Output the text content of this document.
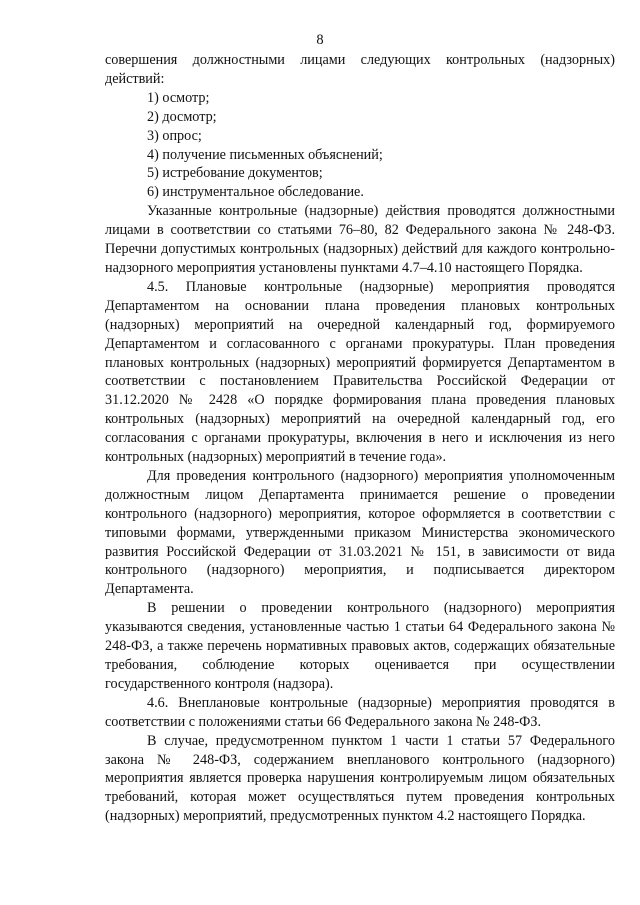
8

совершения должностными лицами следующих контрольных (надзорных) действий:

1) осмотр;

2) досмотр;

3) опрос;

4) получение письменных объяснений;

5) истребование документов;

6) инструментальное обследование.

Указанные контрольные (надзорные) действия проводятся должностными лицами в соответствии со статьями 76–80, 82 Федерального закона № 248-ФЗ. Перечни допустимых контрольных (надзорных) действий для каждого контрольно-надзорного мероприятия установлены пунктами 4.7–4.10 настоящего Порядка.

4.5. Плановые контрольные (надзорные) мероприятия проводятся Департаментом на основании плана проведения плановых контрольных (надзорных) мероприятий на очередной календарный год, формируемого Департаментом и согласованного с органами прокуратуры. План проведения плановых контрольных (надзорных) мероприятий формируется Департаментом в соответствии с постановлением Правительства Российской Федерации от 31.12.2020 № 2428 «О порядке формирования плана проведения плановых контрольных (надзорных) мероприятий на очередной календарный год, его согласования с органами прокуратуры, включения в него и исключения из него контрольных (надзорных) мероприятий в течение года».

Для проведения контрольного (надзорного) мероприятия уполномоченным должностным лицом Департамента принимается решение о проведении контрольного (надзорного) мероприятия, которое оформляется в соответствии с типовыми формами, утвержденными приказом Министерства экономического развития Российской Федерации от 31.03.2021 № 151, в зависимости от вида контрольного (надзорного) мероприятия, и подписывается директором Департамента.

В решении о проведении контрольного (надзорного) мероприятия указываются сведения, установленные частью 1 статьи 64 Федерального закона № 248-ФЗ, а также перечень нормативных правовых актов, содержащих обязательные требования, соблюдение которых оценивается при осуществлении государственного контроля (надзора).

4.6. Внеплановые контрольные (надзорные) мероприятия проводятся в соответствии с положениями статьи 66 Федерального закона № 248-ФЗ.

В случае, предусмотренном пунктом 1 части 1 статьи 57 Федерального закона № 248-ФЗ, содержанием внепланового контрольного (надзорного) мероприятия является проверка нарушения контролируемым лицом обязательных требований, которая может осуществляться путем проведения контрольных (надзорных) мероприятий, предусмотренных пунктом 4.2 настоящего Порядка.
